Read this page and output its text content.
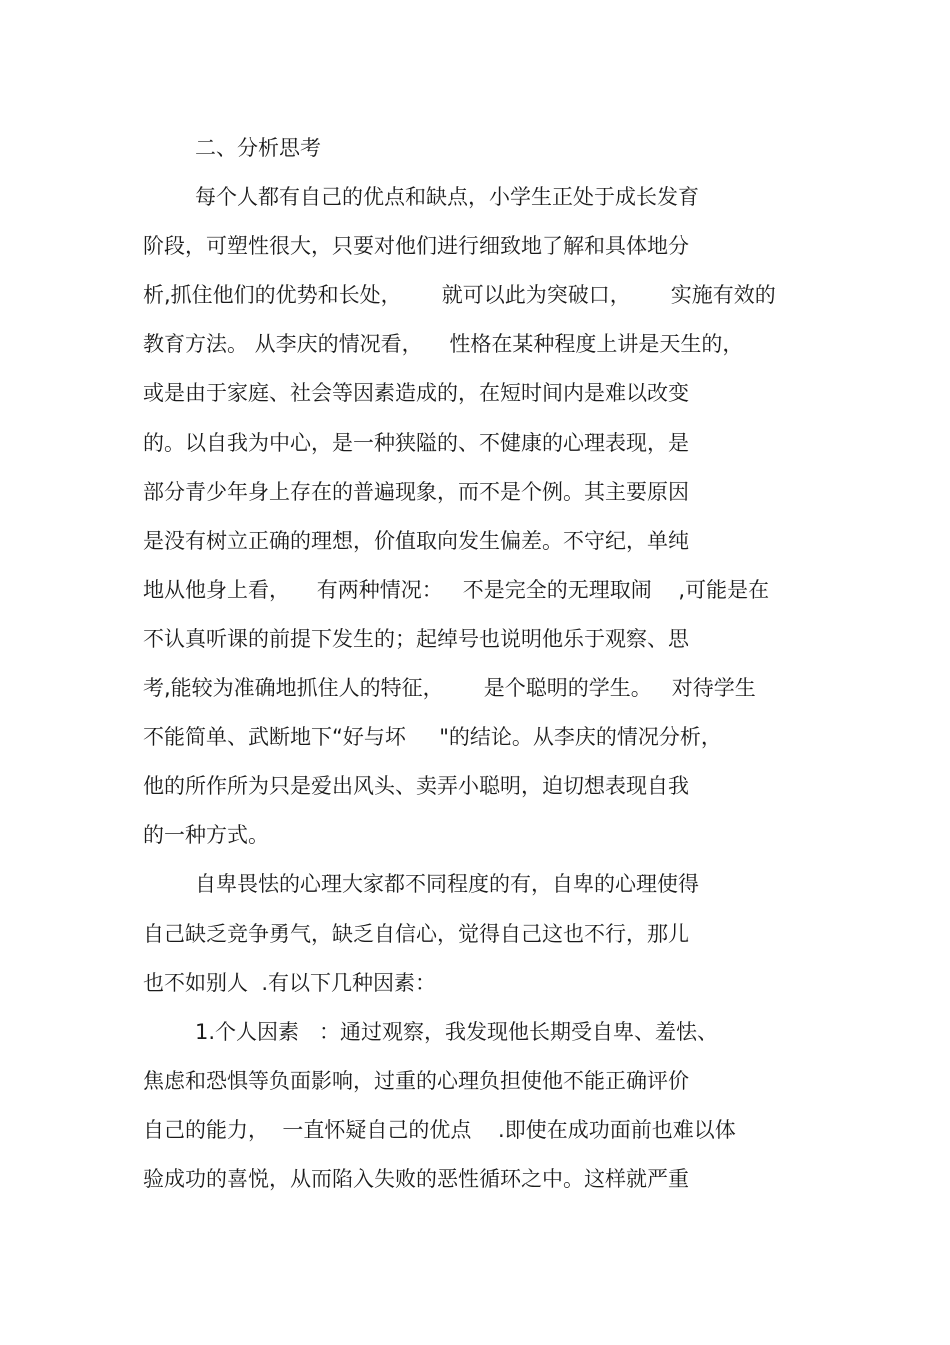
二、分析思考
每个人都有自己的优点和缺点，小学生正处于成长发育
阶段，可塑性很大，只要对他们进行细致地了解和具体地分
析,抓住他们的优势和长处，      就可以此为突破口，      实施有效的
教育方法。 从李庆的情况看，    性格在某种程度上讲是天生的，
或是由于家庭、社会等因素造成的，在短时间内是难以改变
的。以自我为中心，是一种狭隘的、不健康的心理表现，是
部分青少年身上存在的普遍现象，而不是个例。其主要原因
是没有树立正确的理想，价值取向发生偏差。不守纪，单纯
地从他身上看，    有两种情况：   不是完全的无理取闹    ,可能是在
不认真听课的前提下发生的；起绰号也说明他乐于观察、思
考,能较为准确地抓住人的特征，      是个聪明的学生。   对待学生
不能简单、武断地下“好与坏     "的结论。从李庆的情况分析，
他的所作所为只是爱出风头、卖弄小聪明，迫切想表现自我
的一种方式。
自卑畏怯的心理大家都不同程度的有，自卑的心理使得
自己缺乏竞争勇气，缺乏自信心，觉得自己这也不行，那儿
也不如别人  .有以下几种因素：
1.个人因素   ：通过观察，我发现他长期受自卑、羞怯、
焦虑和恐惧等负面影响，过重的心理负担使他不能正确评价
自己的能力，  一直怀疑自己的优点    .即使在成功面前也难以体
验成功的喜悦，从而陷入失败的恶性循环之中。这样就严重
